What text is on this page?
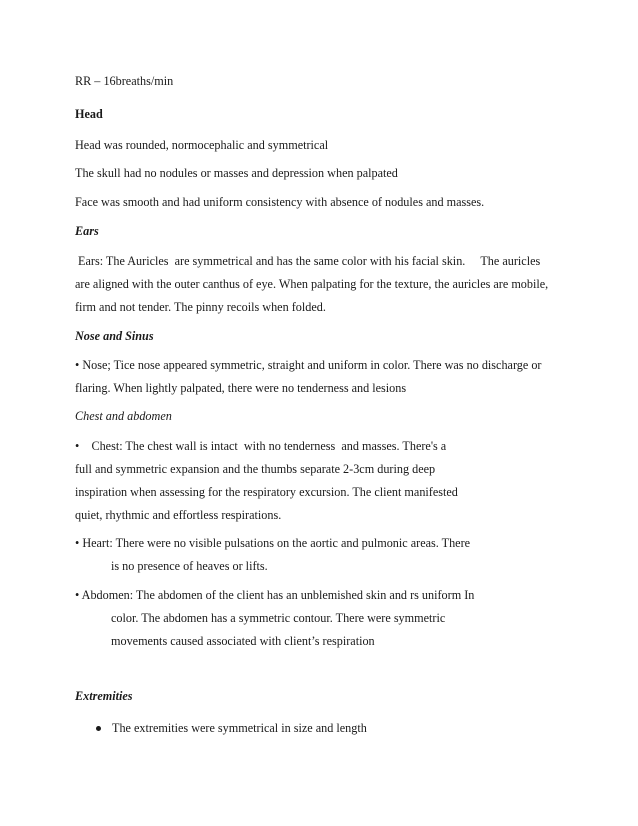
RR – 16breaths/min
Head
Head was rounded, normocephalic and symmetrical
The skull had no nodules or masses and depression when palpated
Face was smooth and had uniform consistency with absence of nodules and masses.
Ears
Ears: The Auricles  are symmetrical and has the same color with his facial skin.     The auricles
are aligned with the outer canthus of eye. When palpating for the texture, the auricles are mobile,
firm and not tender. The pinny recoils when folded.
Nose and Sinus
• Nose; Tice nose appeared symmetric, straight and uniform in color. There was no discharge or
flaring. When lightly palpated, there were no tenderness and lesions
Chest and abdomen
•    Chest: The chest wall is intact  with no tenderness  and masses. There's a
full and symmetric expansion and the thumbs separate 2-3cm during deep
inspiration when assessing for the respiratory excursion. The client manifested
quiet, rhythmic and effortless respirations.
• Heart: There were no visible pulsations on the aortic and pulmonic areas. There
is no presence of heaves or lifts.
• Abdomen: The abdomen of the client has an unblemished skin and rs uniform In
color. The abdomen has a symmetric contour. There were symmetric
movements caused associated with client’s respiration
Extremities
The extremities were symmetrical in size and length
